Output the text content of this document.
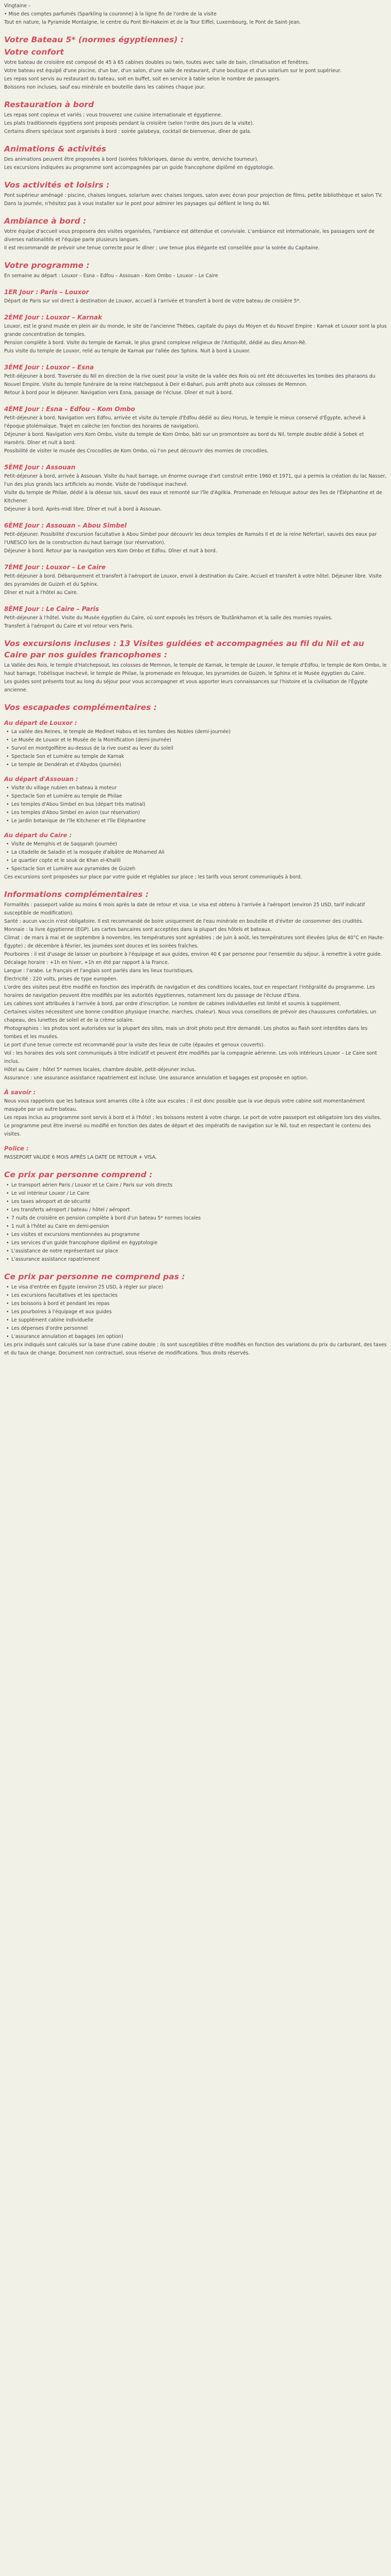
Vingtaine –

• Mise des comptes parfumés (Sparkling la couronne) à la ligne fin de l'ordre de la visite

Tout en nature, la Pyramide Montaigne, le centre du Pont Bir-Hakeim et de la Tour Eiffel, Luxembourg, le Pont de Saint-Jean.

Votre Bateau 5* (normes égyptiennes) :
Votre confort

Votre bateau de croisière est composé de 45 à 65 cabines doubles ou twin, toutes avec salle de bain, climatisation et fenêtres.

Votre bateau est équipé d'une piscine, d'un bar, d'un salon, d'une salle de restaurant, d'une boutique et d'un solarium sur le pont supérieur.

Les repas sont servis au restaurant du bateau, soit en buffet, soit en service à table selon le nombre de passagers.

Boissons non incluses, sauf eau minérale en bouteille dans les cabines chaque jour.

Restauration à bord

Les repas sont copieux et variés ; vous trouverez une cuisine internationale et égyptienne.

Les plats traditionnels égyptiens sont proposés pendant la croisière (selon l'ordre des jours de la visite).

Certains dîners spéciaux sont organisés à bord : soirée galabeya, cocktail de bienvenue, dîner de gala.

Animations & activités

Des animations peuvent être proposées à bord (soirées folkloriques, danse du ventre, derviche tourneur).

Les excursions indiquées au programme sont accompagnées par un guide francophone diplômé en égyptologie.

Vos activités et loisirs :

Pont supérieur aménagé : piscine, chaises longues, solarium avec chaises longues, salon avec écran pour projection de films, petite bibliothèque et salon TV.

Dans la journée, n'hésitez pas à vous installer sur le pont pour admirer les paysages qui défilent le long du Nil.

Ambiance à bord :

Votre équipe d'accueil vous proposera des visites organisées, l'ambiance est détendue et conviviale. L'ambiance est internationale, les passagers sont de diverses nationalités et l'équipe parle plusieurs langues.

Il est recommandé de prévoir une tenue correcte pour le dîner ; une tenue plus élégante est conseillée pour la soirée du Capitaine.

Votre programme :

En semaine au départ : Louxor – Esna – Edfou – Assouan – Kom Ombo – Louxor – Le Caire

1ER Jour : Paris – Louxor

Départ de Paris sur vol direct à destination de Louxor, accueil à l'arrivée et transfert à bord de votre bateau de croisière 5*.

2ÈME Jour : Louxor – Karnak

Louxor, est le grand musée en plein air du monde, le site de l'ancienne Thèbes, capitale du pays du Moyen et du Nouvel Empire : Karnak et Louxor sont la plus grande concentration de temples.

Pension complète à bord. Visite du temple de Karnak, le plus grand complexe religieux de l'Antiquité, dédié au dieu Amon-Rê.

Puis visite du temple de Louxor, relié au temple de Karnak par l'allée des Sphinx. Nuit à bord à Louxor.

3ÈME Jour : Louxor – Esna

Petit-déjeuner à bord. Traversée du Nil en direction de la rive ouest pour la visite de la vallée des Rois où ont été découvertes les tombes des pharaons du Nouvel Empire. Visite du temple funéraire de la reine Hatchepsout à Deir el-Bahari, puis arrêt photo aux colosses de Memnon.

Retour à bord pour le déjeuner. Navigation vers Esna, passage de l'écluse. Dîner et nuit à bord.

4ÈME Jour : Esna – Edfou – Kom Ombo

Petit-déjeuner à bord. Navigation vers Edfou, arrivée et visite du temple d'Edfou dédié au dieu Horus, le temple le mieux conservé d'Égypte, achevé à l'époque ptolémaïque. Trajet en calèche (en fonction des horaires de navigation).

Déjeuner à bord. Navigation vers Kom Ombo, visite du temple de Kom Ombo, bâti sur un promontoire au bord du Nil, temple double dédié à Sobek et Haroëris. Dîner et nuit à bord.

Possibilité de visiter le musée des Crocodiles de Kom Ombo, où l'on peut découvrir des momies de crocodiles.

5ÈME Jour : Assouan

Petit-déjeuner à bord, arrivée à Assouan. Visite du haut barrage, un énorme ouvrage d'art construit entre 1960 et 1971, qui a permis la création du lac Nasser, l'un des plus grands lacs artificiels au monde. Visite de l'obélisque inachevé.

Visite du temple de Philae, dédié à la déesse Isis, sauvé des eaux et remonté sur l'île d'Agilkia. Promenade en felouque autour des îles de l'Éléphantine et de Kitchener.

Déjeuner à bord. Après-midi libre. Dîner et nuit à bord à Assouan.

6ÈME Jour : Assouan – Abou Simbel

Petit-déjeuner. Possibilité d'excursion facultative à Abou Simbel pour découvrir les deux temples de Ramsès II et de la reine Néfertari, sauvés des eaux par l'UNESCO lors de la construction du haut barrage (sur réservation).

Déjeuner à bord. Retour par la navigation vers Kom Ombo et Edfou. Dîner et nuit à bord.

7ÈME Jour : Louxor – Le Caire

Petit-déjeuner à bord. Débarquement et transfert à l'aéroport de Louxor, envol à destination du Caire. Accueil et transfert à votre hôtel. Déjeuner libre. Visite des pyramides de Guizeh et du Sphinx.

Dîner et nuit à l'hôtel au Caire.

8ÈME Jour : Le Caire – Paris

Petit-déjeuner à l'hôtel. Visite du Musée égyptien du Caire, où sont exposés les trésors de Toutânkhamon et la salle des momies royales.

Transfert à l'aéroport du Caire et vol retour vers Paris.

Vos excursions incluses : 13 Visites guidées et accompagnées au fil du Nil et au Caire par nos guides francophones :

La Vallée des Rois, le temple d'Hatchepsout, les colosses de Memnon, le temple de Karnak, le temple de Louxor, le temple d'Edfou, le temple de Kom Ombo, le haut barrage, l'obélisque inachevé, le temple de Philae, la promenade en felouque, les pyramides de Guizeh, le Sphinx et le Musée égyptien du Caire.

Les guides sont présents tout au long du séjour pour vous accompagner et vous apporter leurs connaissances sur l'histoire et la civilisation de l'Égypte ancienne.

Vos escapades complémentaires :
Au départ de Louxor :
• La vallée des Reines, le temple de Medinet Habou et les tombes des Nobles (demi-journée)
• Le Musée de Louxor et le Musée de la Momification (demi-journée)
• Survol en montgolfière au-dessus de la rive ouest au lever du soleil
• Spectacle Son et Lumière au temple de Karnak
• Le temple de Dendérah et d'Abydos (journée)
Au départ d'Assouan :
• Visite du village nubien en bateau à moteur
• Spectacle Son et Lumière au temple de Philae
• Les temples d'Abou Simbel en bus (départ très matinal)
• Les temples d'Abou Simbel en avion (sur réservation)
• Le jardin botanique de l'île Kitchener et l'île Éléphantine
Au départ du Caire :
• Visite de Memphis et de Saqqarah (journée)
• La citadelle de Saladin et la mosquée d'albâtre de Mohamed Ali
• Le quartier copte et le souk de Khan el-Khalili
• Spectacle Son et Lumière aux pyramides de Guizeh

Ces excursions sont proposées sur place par votre guide et réglables sur place ; les tarifs vous seront communiqués à bord.

Informations complémentaires :

Formalités : passeport valide au moins 6 mois après la date de retour et visa. Le visa est obtenu à l'arrivée à l'aéroport (environ 25 USD, tarif indicatif susceptible de modification).

Santé : aucun vaccin n'est obligatoire. Il est recommandé de boire uniquement de l'eau minérale en bouteille et d'éviter de consommer des crudités.

Monnaie : la livre égyptienne (EGP). Les cartes bancaires sont acceptées dans la plupart des hôtels et bateaux.

Climat : de mars à mai et de septembre à novembre, les températures sont agréables ; de juin à août, les températures sont élevées (plus de 40°C en Haute-Égypte) ; de décembre à février, les journées sont douces et les soirées fraîches.

Pourboires : il est d'usage de laisser un pourboire à l'équipage et aux guides, environ 40 € par personne pour l'ensemble du séjour, à remettre à votre guide.

Décalage horaire : +1h en hiver, +1h en été par rapport à la France.

Langue : l'arabe. Le français et l'anglais sont parlés dans les lieux touristiques.

Électricité : 220 volts, prises de type européen.

L'ordre des visites peut être modifié en fonction des impératifs de navigation et des conditions locales, tout en respectant l'intégralité du programme. Les horaires de navigation peuvent être modifiés par les autorités égyptiennes, notamment lors du passage de l'écluse d'Esna.

Les cabines sont attribuées à l'arrivée à bord, par ordre d'inscription. Le nombre de cabines individuelles est limité et soumis à supplément.

Certaines visites nécessitent une bonne condition physique (marche, marches, chaleur). Nous vous conseillons de prévoir des chaussures confortables, un chapeau, des lunettes de soleil et de la crème solaire.

Photographies : les photos sont autorisées sur la plupart des sites, mais un droit photo peut être demandé. Les photos au flash sont interdites dans les tombes et les musées.

Le port d'une tenue correcte est recommandé pour la visite des lieux de culte (épaules et genoux couverts).

Vol : les horaires des vols sont communiqués à titre indicatif et peuvent être modifiés par la compagnie aérienne. Les vols intérieurs Louxor – Le Caire sont inclus.

Hôtel au Caire : hôtel 5* normes locales, chambre double, petit-déjeuner inclus.

Assurance : une assurance assistance rapatriement est incluse. Une assurance annulation et bagages est proposée en option.

À savoir :

Nous vous rappelons que les bateaux sont amarrés côte à côte aux escales ; il est donc possible que la vue depuis votre cabine soit momentanément masquée par un autre bateau.

Les repas inclus au programme sont servis à bord et à l'hôtel ; les boissons restent à votre charge. Le port de votre passeport est obligatoire lors des visites.

Le programme peut être inversé ou modifié en fonction des dates de départ et des impératifs de navigation sur le Nil, tout en respectant le contenu des visites.

Police :

PASSEPORT VALIDE 6 MOIS APRÈS LA DATE DE RETOUR + VISA.

Ce prix par personne comprend :
• Le transport aérien Paris / Louxor et Le Caire / Paris sur vols directs
• Le vol intérieur Louxor / Le Caire
• Les taxes aéroport et de sécurité
• Les transferts aéroport / bateau / hôtel / aéroport
• 7 nuits de croisière en pension complète à bord d'un bateau 5* normes locales
• 1 nuit à l'hôtel au Caire en demi-pension
• Les visites et excursions mentionnées au programme
• Les services d'un guide francophone diplômé en égyptologie
• L'assistance de notre représentant sur place
• L'assurance assistance rapatriement
Ce prix par personne ne comprend pas :
• Le visa d'entrée en Égypte (environ 25 USD, à régler sur place)
• Les excursions facultatives et les spectacles
• Les boissons à bord et pendant les repas
• Les pourboires à l'équipage et aux guides
• Le supplément cabine individuelle
• Les dépenses d'ordre personnel
• L'assurance annulation et bagages (en option)

Les prix indiqués sont calculés sur la base d'une cabine double ; ils sont susceptibles d'être modifiés en fonction des variations du prix du carburant, des taxes et du taux de change. Document non contractuel, sous réserve de modifications. Tous droits réservés.
